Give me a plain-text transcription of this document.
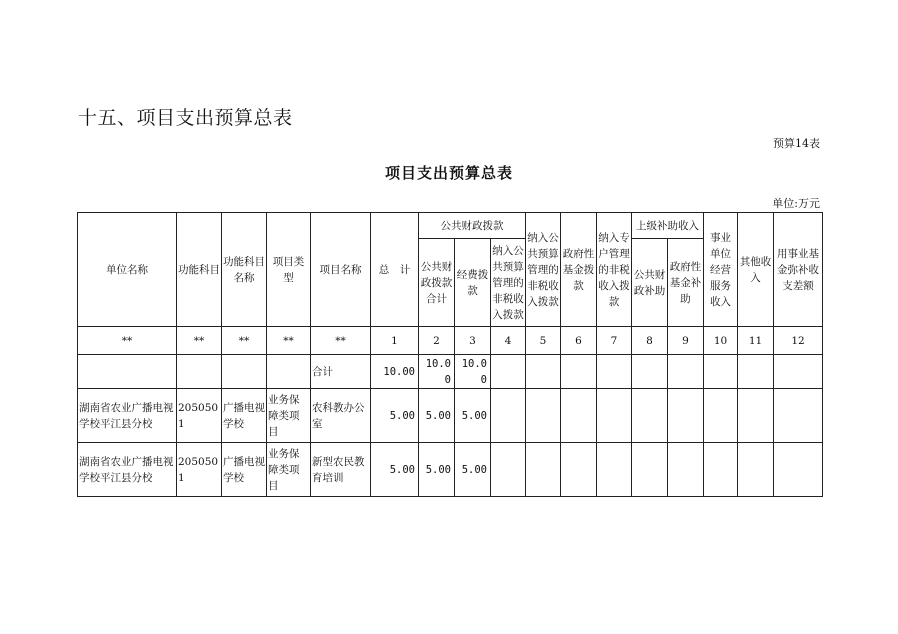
十五、项目支出预算总表
预算14表
项目支出预算总表
单位:万元
单位名称	功能科目	功能科目名称	项目类型	项目名称	总　计	公共财政拨款			纳入公共预算管理的非税收入拨款	政府性基金拨款	纳入专户管理的非税收入拨款	上级补助收入		事业单位经营服务收入	其他收入	用事业基金弥补收支差额	
						公共财政拨款合计	经费拨款	纳入公共预算管理的非税收入拨款				公共财政补助	政府性基金补助				

**	**	**	**	**	1	2	3	4	5	6	7	8	9	10	11	12	
				合计	10.00	10.00	10.00										
湖南省农业广播电视学校平江县分校	2050501	广播电视学校	业务保障类项目	农科教办公室	5.00	5.00	5.00										
湖南省农业广播电视学校平江县分校	2050501	广播电视学校	业务保障类项目	新型农民教育培训	5.00	5.00	5.00										
